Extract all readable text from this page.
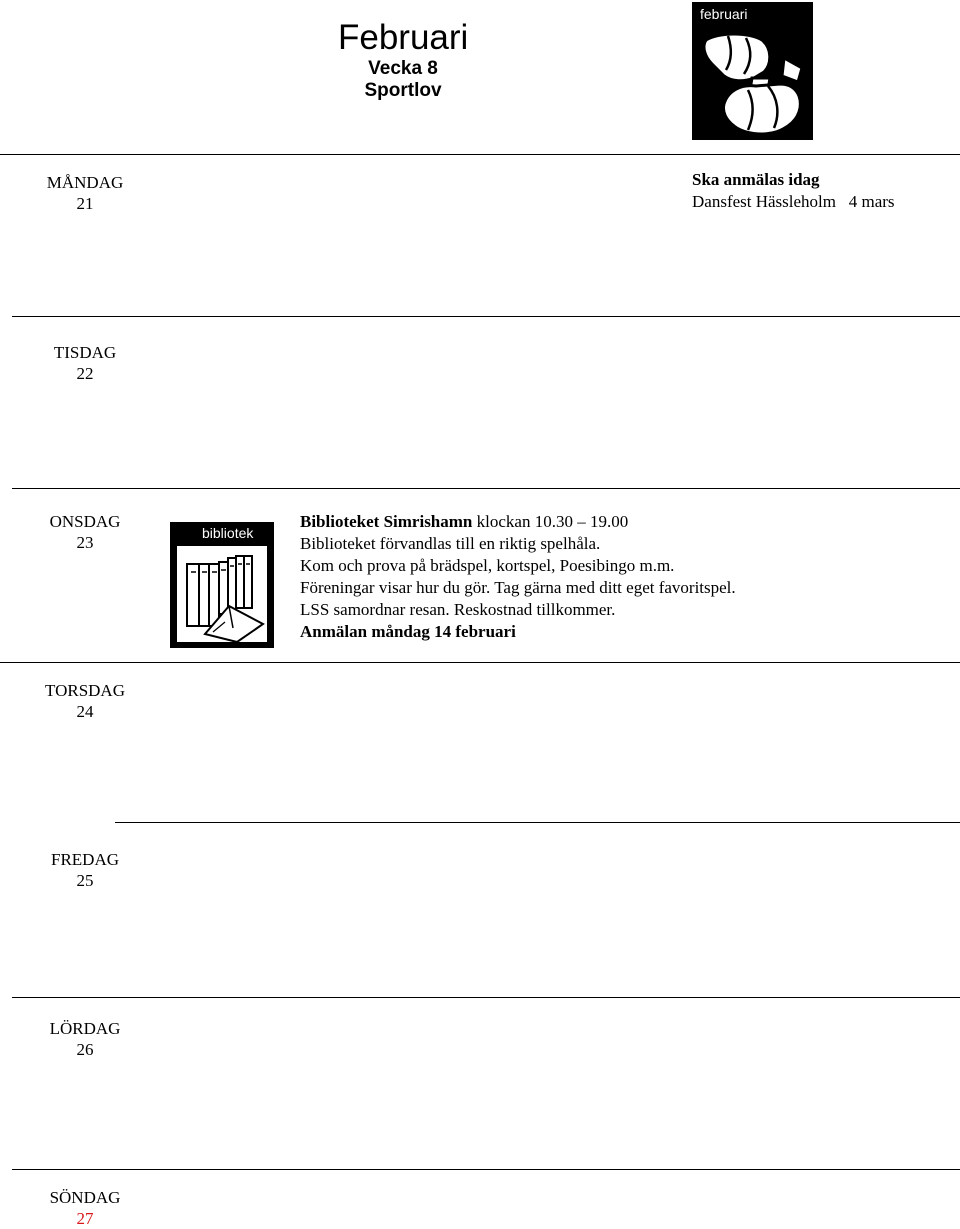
Februari
Vecka 8
Sportlov
februari
MÅNDAG
21
TISDAG
22
ONSDAG
23
TORSDAG
24
FREDAG
25
LÖRDAG
26
SÖNDAG
27
Ska anmälas idag
Dansfest Hässleholm   4 mars
bibliotek
Biblioteket Simrishamn klockan 10.30 – 19.00
Biblioteket förvandlas till en riktig spelhåla.
Kom och prova på brädspel, kortspel, Poesibingo m.m.
Föreningar visar hur du gör. Tag gärna med ditt eget favoritspel.
LSS samordnar resan. Reskostnad tillkommer.
Anmälan måndag 14 februari
